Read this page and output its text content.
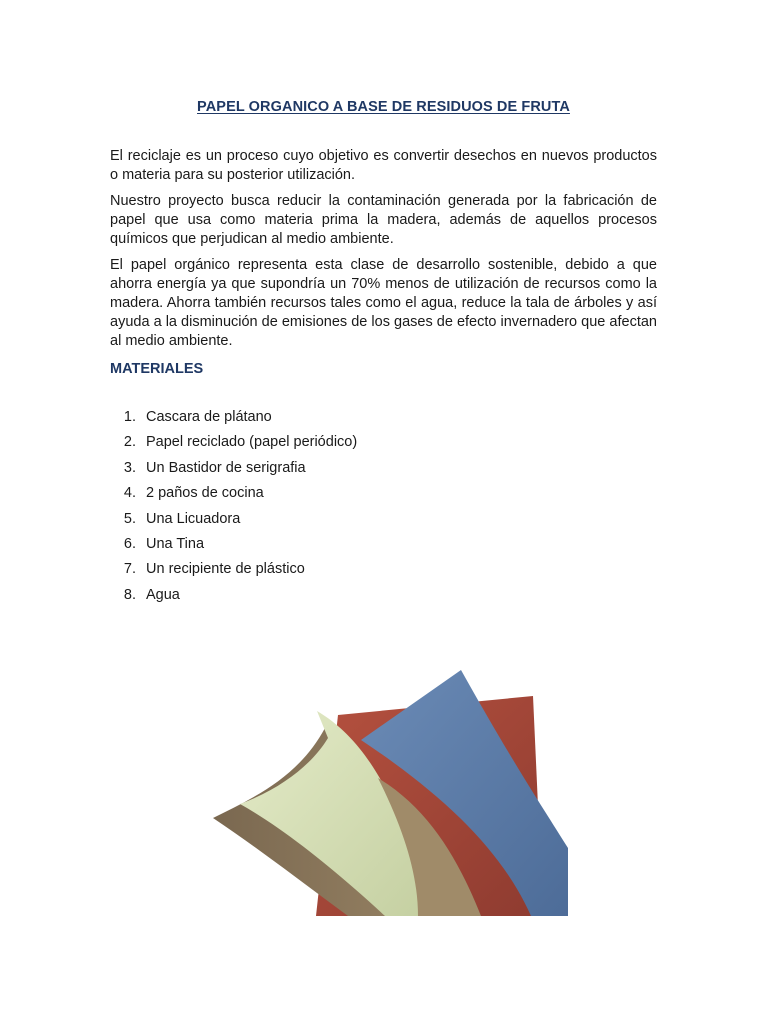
PAPEL ORGANICO A BASE DE RESIDUOS DE FRUTA

El reciclaje es un proceso cuyo objetivo es convertir desechos en nuevos productos o materia para su posterior utilización.

Nuestro proyecto busca reducir la contaminación generada por la fabricación de papel que usa como materia prima la madera, además de aquellos procesos químicos que perjudican al medio ambiente.

El papel orgánico representa esta clase de desarrollo sostenible, debido a que ahorra energía ya que supondría un 70% menos de utilización de recursos como la madera. Ahorra también recursos tales como el agua, reduce la tala de árboles y así ayuda a la disminución de emisiones de los gases de efecto invernadero que afectan al medio ambiente.

MATERIALES
1. Cascara de plátano
2. Papel reciclado (papel periódico)
3. Un Bastidor de serigrafia
4. 2 paños de cocina
5. Una Licuadora
6. Una Tina
7. Un recipiente de plástico
8. Agua
